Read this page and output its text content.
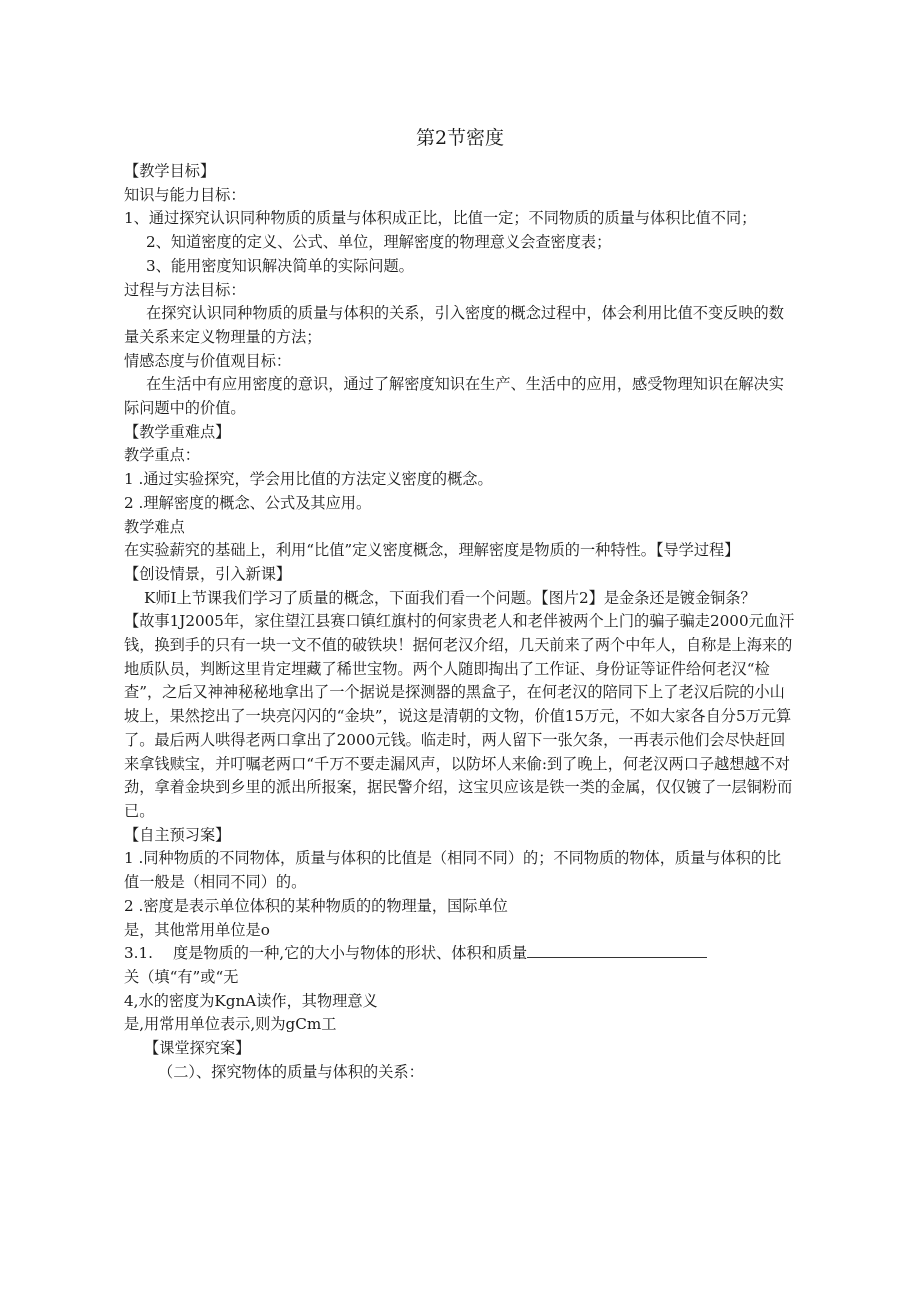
第2节密度

【教学目标】

知识与能力目标：

1、通过探究认识同种物质的质量与体积成正比，比值一定；不同物质的质量与体积比值不同；

2、知道密度的定义、公式、单位，理解密度的物理意义会查密度表；

3、能用密度知识解决简单的实际问题。

过程与方法目标：

在探究认识同种物质的质量与体积的关系，引入密度的概念过程中，体会利用比值不变反映的数量关系来定义物理量的方法；

情感态度与价值观目标：

在生活中有应用密度的意识，通过了解密度知识在生产、生活中的应用，感受物理知识在解决实际问题中的价值。

【教学重难点】

教学重点：

1 .通过实验探究，学会用比值的方法定义密度的概念。

2 .理解密度的概念、公式及其应用。

教学难点

在实验薪究的基础上，利用“比值”定义密度概念，理解密度是物质的一种特性。【导学过程】

【创设情景，引入新课】

K师I上节课我们学习了质量的概念，下面我们看一个问题。【图片2】是金条还是镀金铜条？

【故事1J2005年，家住望江县赛口镇红旗村的何家贵老人和老伴被两个上门的骗子骗走2000元血汗钱，换到手的只有一块一文不值的破铁块！据何老汉介绍，几天前来了两个中年人，自称是上海来的地质队员，判断这里肯定埋藏了稀世宝物。两个人随即掏出了工作证、身份证等证件给何老汉“检查”，之后又神神秘秘地拿出了一个据说是探测器的黑盒子，在何老汉的陪同下上了老汉后院的小山坡上，果然挖出了一块亮闪闪的“金块”，说这是清朝的文物，价值15万元，不如大家各自分5万元算了。最后两人哄得老两口拿出了2000元钱。临走时，两人留下一张欠条，一再表示他们会尽快赶回来拿钱赎宝，并叮嘱老两口“千万不要走漏风声，以防坏人来偷:到了晚上，何老汉两口子越想越不对劲，拿着金块到乡里的派出所报案，据民警介绍，这宝贝应该是铁一类的金属，仅仅镀了一层铜粉而已。

【自主预习案】

1 .同种物质的不同物体，质量与体积的比值是（相同不同）的；不同物质的物体，质量与体积的比值一般是（相同不同）的。

2 .密度是表示单位体积的某种物质的的物理量，国际单位

是，其他常用单位是o

3.1.　 度是物质的一种,它的大小与物体的形状、体积和质量

关（填“有”或“无

4,水的密度为KgnA读作，其物理意义

是,用常用单位表示,则为gCm工

【课堂探究案】

（二）、探究物体的质量与体积的关系：
